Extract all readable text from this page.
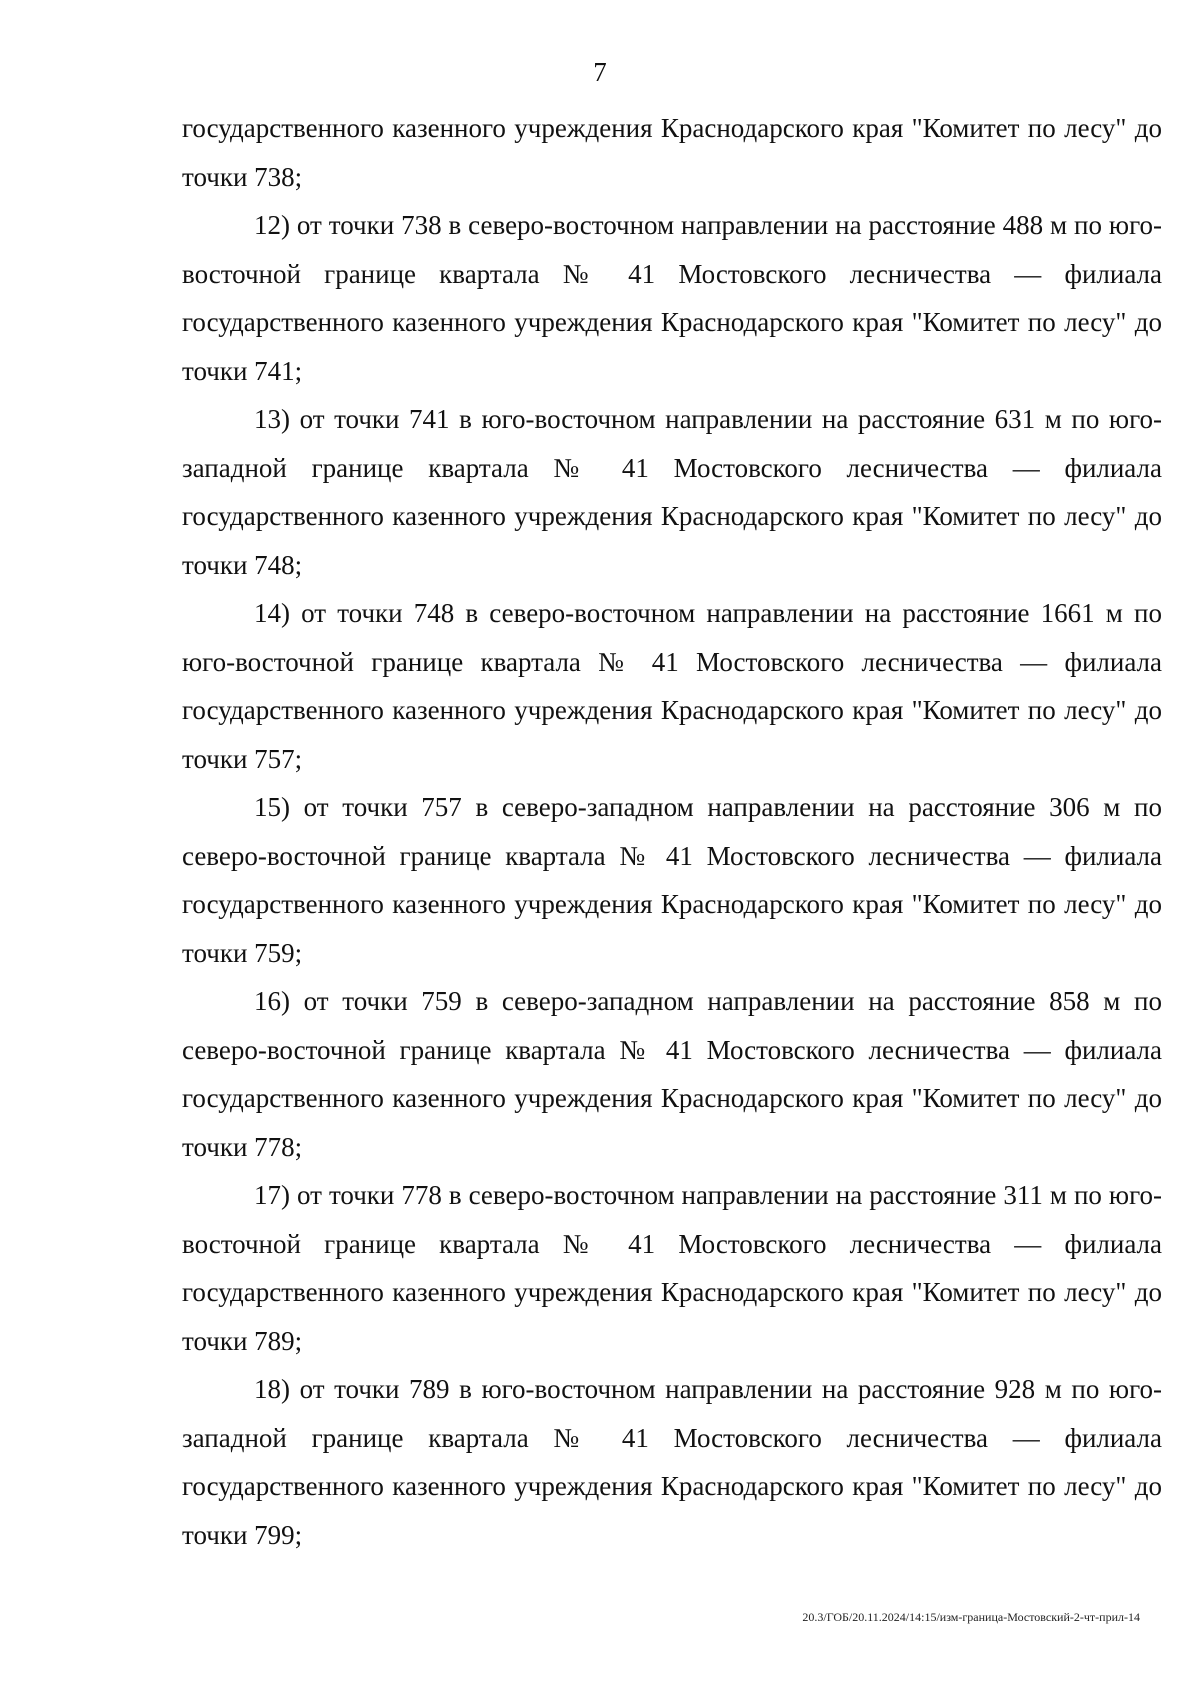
7

государственного казенного учреждения Краснодарского края "Комитет по лесу" до точки 738;

12) от точки 738 в северо-восточном направлении на расстояние 488 м по юго-восточной границе квартала № 41 Мостовского лесничества — филиала государственного казенного учреждения Краснодарского края "Комитет по лесу" до точки 741;

13) от точки 741 в юго-восточном направлении на расстояние 631 м по юго-западной границе квартала № 41 Мостовского лесничества — филиала государственного казенного учреждения Краснодарского края "Комитет по лесу" до точки 748;

14) от точки 748 в северо-восточном направлении на расстояние 1661 м по юго-восточной границе квартала № 41 Мостовского лесничества — филиала государственного казенного учреждения Краснодарского края "Комитет по лесу" до точки 757;

15) от точки 757 в северо-западном направлении на расстояние 306 м по северо-восточной границе квартала № 41 Мостовского лесничества — филиала государственного казенного учреждения Краснодарского края "Комитет по лесу" до точки 759;

16) от точки 759 в северо-западном направлении на расстояние 858 м по северо-восточной границе квартала № 41 Мостовского лесничества — филиала государственного казенного учреждения Краснодарского края "Комитет по лесу" до точки 778;

17) от точки 778 в северо-восточном направлении на расстояние 311 м по юго-восточной границе квартала № 41 Мостовского лесничества — филиала государственного казенного учреждения Краснодарского края "Комитет по лесу" до точки 789;

18) от точки 789 в юго-восточном направлении на расстояние 928 м по юго-западной границе квартала № 41 Мостовского лесничества — филиала государственного казенного учреждения Краснодарского края "Комитет по лесу" до точки 799;

20.3/ГОБ/20.11.2024/14:15/изм-граница-Мостовский-2-чт-прил-14
